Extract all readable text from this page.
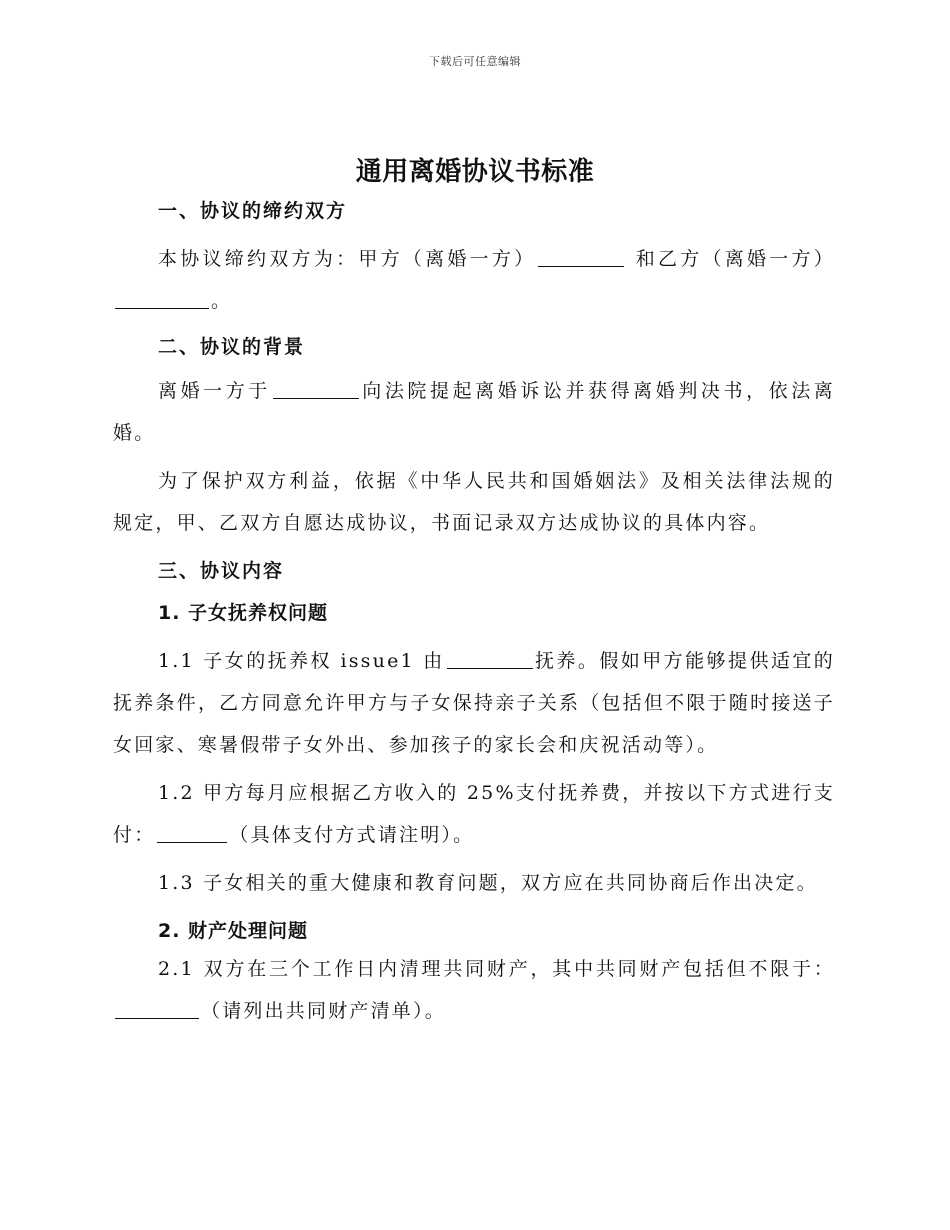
下载后可任意编辑
通用离婚协议书标准
一、协议的缔约双方

本协议缔约双方为：甲方（离婚一方）	和乙方（离婚一方）。

二、协议的背景

离婚一方于	向法院提起离婚诉讼并获得离婚判决书，依法离婚。

为了保护双方利益，依据《中华人民共和国婚姻法》及相关法律法规的规定，甲、乙双方自愿达成协议，书面记录双方达成协议的具体内容。

三、协议内容
1. 子女抚养权问题

1.1 子女的抚养权 issue1 由	抚养。假如甲方能够提供适宜的抚养条件，乙方同意允许甲方与子女保持亲子关系（包括但不限于随时接送子女回家、寒暑假带子女外出、参加孩子的家长会和庆祝活动等）。

1.2 甲方每月应根据乙方收入的 25%支付抚养费，并按以下方式进行支付：	（具体支付方式请注明）。

1.3 子女相关的重大健康和教育问题，双方应在共同协商后作出决定。

2. 财产处理问题

2.1 双方在三个工作日内清理共同财产，其中共同财产包括但不限于：（请列出共同财产清单）。
